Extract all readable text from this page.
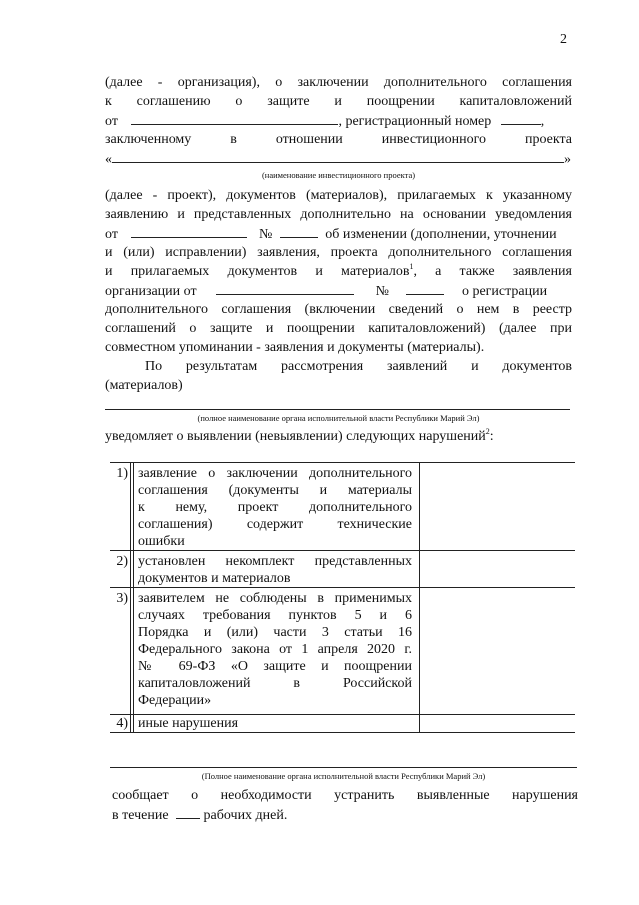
2
(далее - организация), о заключении дополнительного соглашения
к соглашению о защите и поощрении капиталовложений
от	, регистрационный номер	,
заключенному в отношении инвестиционного проекта
«	»
(наименование инвестиционного проекта)
(далее - проект), документов (материалов), прилагаемых к указанному
заявлению и представленных дополнительно на основании уведомления
от	№	об изменении (дополнении, уточнении
и (или) исправлении) заявления, проекта дополнительного соглашения
и прилагаемых документов и материалов$^1$, а также заявления
организации от	№	о регистрации
дополнительного соглашения (включении сведений о нем в реестр
соглашений о защите и поощрении капиталовложений) (далее при
совместном упоминании - заявления и документы (материалы).
По результатам рассмотрения заявлений и документов
(материалов)
(полное наименование органа исполнительной власти Республики Марий Эл)
уведомляет о выявлении (невыявлении) следующих нарушений$^2$:
1) заявление о заключении дополнительного
соглашения (документы и материалы
к нему, проект дополнительного
соглашения) содержит технические
ошибки
2) установлен некомплект представленных
документов и материалов
3) заявителем не соблюдены в применимых
случаях требования пунктов 5 и 6
Порядка и (или) части 3 статьи 16
Федерального закона от 1 апреля 2020 г.
№ 69-ФЗ «О защите и поощрении
капиталовложений в Российской
Федерации»
4) иные нарушения
(Полное наименование органа исполнительной власти Республики Марий Эл)
сообщает о необходимости устранить выявленные нарушения
в течение	рабочих дней.
